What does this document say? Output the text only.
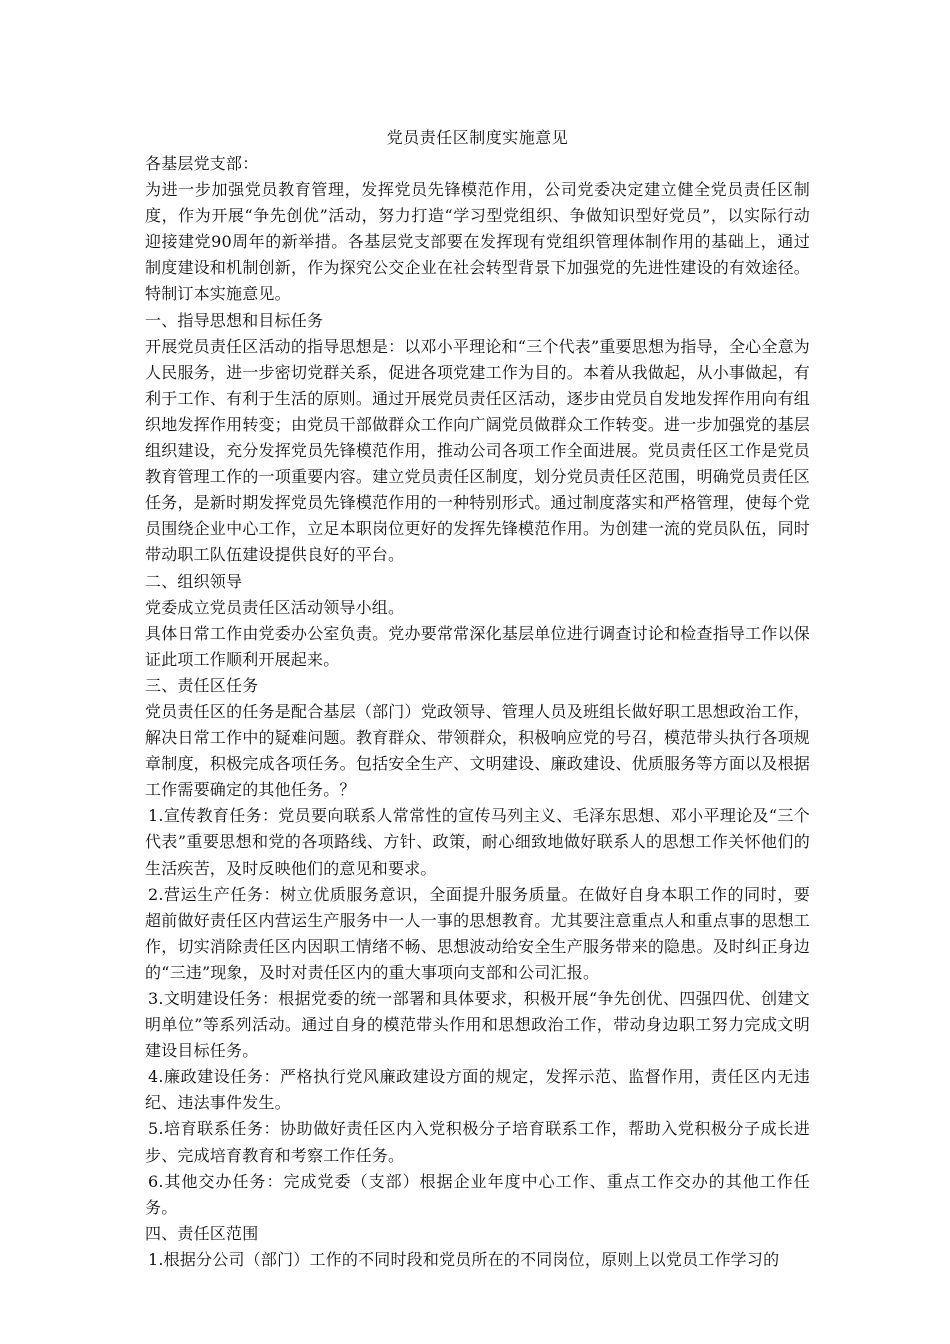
党员责任区制度实施意见

各基层党支部：

为进一步加强党员教育管理，发挥党员先锋模范作用，公司党委决定建立健全党员责任区制度，作为开展“争先创优”活动，努力打造“学习型党组织、争做知识型好党员”，以实际行动迎接建党90周年的新举措。各基层党支部要在发挥现有党组织管理体制作用的基础上，通过制度建设和机制创新，作为探究公交企业在社会转型背景下加强党的先进性建设的有效途径。特制订本实施意见。

一、指导思想和目标任务

开展党员责任区活动的指导思想是：以邓小平理论和“三个代表”重要思想为指导，全心全意为人民服务，进一步密切党群关系，促进各项党建工作为目的。本着从我做起，从小事做起，有利于工作、有利于生活的原则。通过开展党员责任区活动，逐步由党员自发地发挥作用向有组织地发挥作用转变；由党员干部做群众工作向广阔党员做群众工作转变。进一步加强党的基层组织建设，充分发挥党员先锋模范作用，推动公司各项工作全面进展。党员责任区工作是党员教育管理工作的一项重要内容。建立党员责任区制度，划分党员责任区范围，明确党员责任区任务，是新时期发挥党员先锋模范作用的一种特别形式。通过制度落实和严格管理，使每个党员围绕企业中心工作，立足本职岗位更好的发挥先锋模范作用。为创建一流的党员队伍，同时带动职工队伍建设提供良好的平台。

二、组织领导

党委成立党员责任区活动领导小组。

具体日常工作由党委办公室负责。党办要常常深化基层单位进行调查讨论和检查指导工作以保证此项工作顺利开展起来。

三、责任区任务

党员责任区的任务是配合基层（部门）党政领导、管理人员及班组长做好职工思想政治工作，解决日常工作中的疑难问题。教育群众、带领群众，积极响应党的号召，模范带头执行各项规章制度，积极完成各项任务。包括安全生产、文明建设、廉政建设、优质服务等方面以及根据工作需要确定的其他任务。？

1.宣传教育任务：党员要向联系人常常性的宣传马列主义、毛泽东思想、邓小平理论及“三个代表”重要思想和党的各项路线、方针、政策，耐心细致地做好联系人的思想工作关怀他们的生活疾苦，及时反映他们的意见和要求。

2.营运生产任务：树立优质服务意识，全面提升服务质量。在做好自身本职工作的同时，要超前做好责任区内营运生产服务中一人一事的思想教育。尤其要注意重点人和重点事的思想工作，切实消除责任区内因职工情绪不畅、思想波动给安全生产服务带来的隐患。及时纠正身边的“三违”现象，及时对责任区内的重大事项向支部和公司汇报。

3.文明建设任务：根据党委的统一部署和具体要求，积极开展“争先创优、四强四优、创建文明单位”等系列活动。通过自身的模范带头作用和思想政治工作，带动身边职工努力完成文明建设目标任务。

4.廉政建设任务：严格执行党风廉政建设方面的规定，发挥示范、监督作用，责任区内无违纪、违法事件发生。

5.培育联系任务：协助做好责任区内入党积极分子培育联系工作，帮助入党积极分子成长进步、完成培育教育和考察工作任务。

6.其他交办任务：完成党委（支部）根据企业年度中心工作、重点工作交办的其他工作任务。

四、责任区范围

1.根据分公司（部门）工作的不同时段和党员所在的不同岗位，原则上以党员工作学习的
